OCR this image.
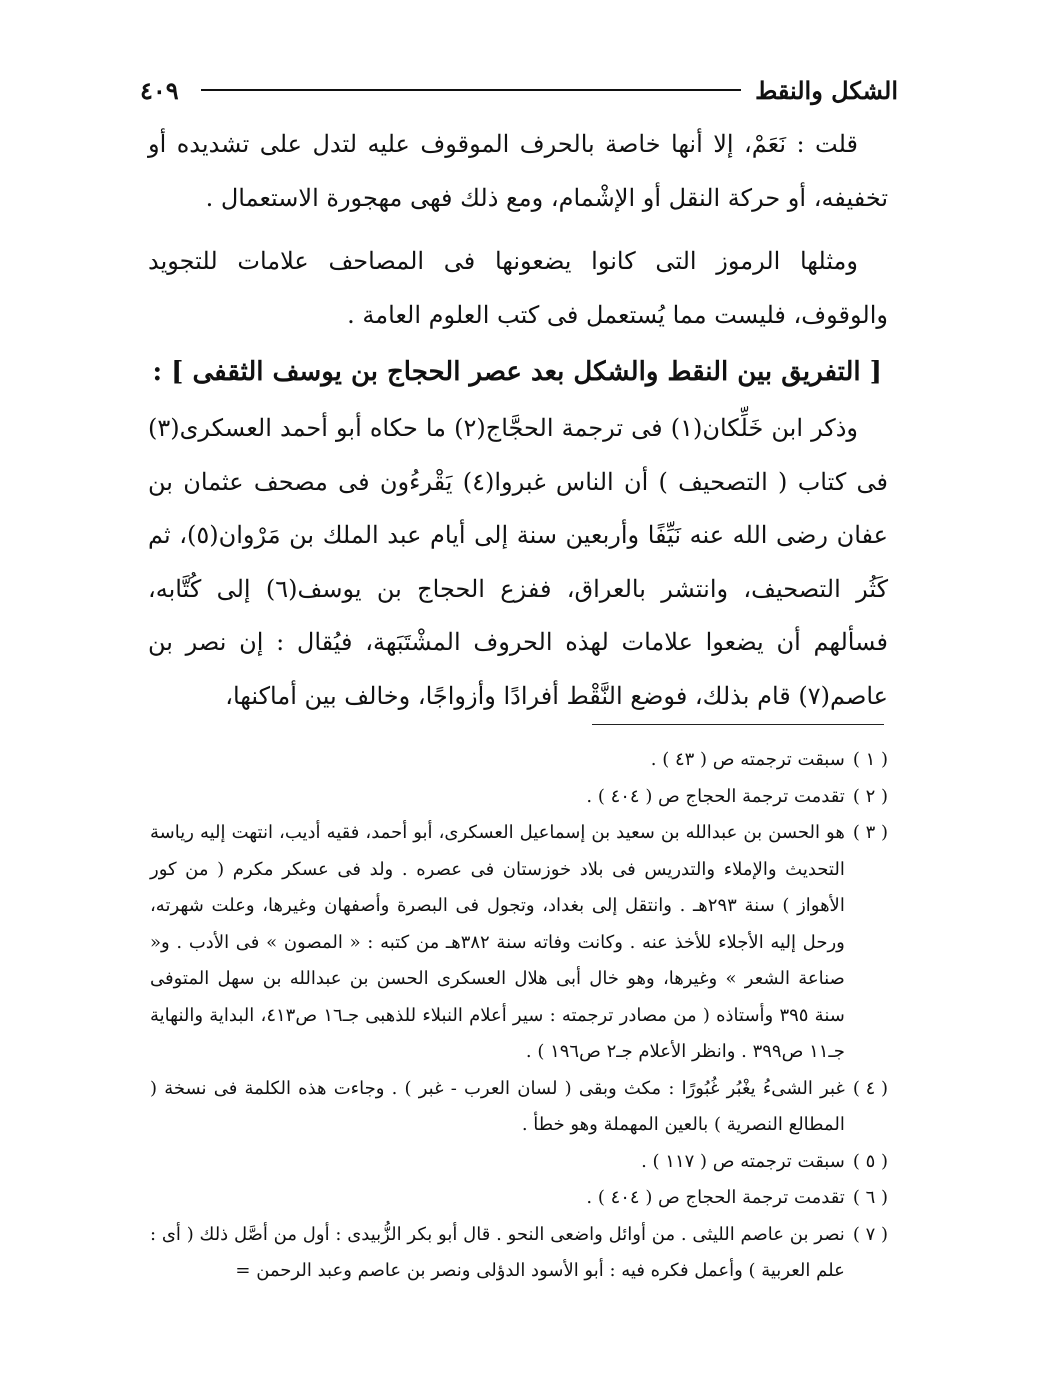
الشكل والنقط
٤٠٩

قلت : نَعَمْ، إلا أنها خاصة بالحرف الموقوف عليه لتدل على تشديده أو تخفيفه، أو حركة النقل أو الإشْمام، ومع ذلك فهى مهجورة الاستعمال .

ومثلها الرموز التى كانوا يضعونها فى المصاحف علامات للتجويد والوقوف، فليست مما يُستعمل فى كتب العلوم العامة .

[ التفريق بين النقط والشكل بعد عصر الحجاج بن يوسف الثقفى ] :

وذكر ابن خَلِّكان(١) فى ترجمة الحجَّاج(٢) ما حكاه أبو أحمد العسكرى(٣) فى كتاب ( التصحيف ) أن الناس غبروا(٤) يَقْرءُون فى مصحف عثمان بن عفان رضى الله عنه نَيِّفًا وأربعين سنة إلى أيام عبد الملك بن مَرْوان(٥)، ثم كَثُر التصحيف، وانتشر بالعراق، ففزع الحجاج بن يوسف(٦) إلى كُتَّابه، فسألهم أن يضعوا علامات لهذه الحروف المشْتَبَهة، فيُقال : إن نصر بن عاصم(٧) قام بذلك، فوضع النَّقْط أفرادًا وأزواجًا، وخالف بين أماكنها،

( ١ )
سبقت ترجمته ص ( ٤٣ ) .
( ٢ )
تقدمت ترجمة الحجاج ص ( ٤٠٤ ) .
( ٣ )
هو الحسن بن عبدالله بن سعيد بن إسماعيل العسكرى، أبو أحمد، فقيه أديب، انتهت إليه رياسة التحديث والإملاء والتدريس فى بلاد خوزستان فى عصره . ولد فى عسكر مكرم ( من كور الأهواز ) سنة ٢٩٣هـ . وانتقل إلى بغداد، وتجول فى البصرة وأصفهان وغيرها، وعلت شهرته، ورحل إليه الأجلاء للأخذ عنه . وكانت وفاته سنة ٣٨٢هـ من كتبه : « المصون » فى الأدب . و« صناعة الشعر » وغيرها، وهو خال أبى هلال العسكرى الحسن بن عبدالله بن سهل المتوفى سنة ٣٩٥ وأستاذه ( من مصادر ترجمته : سير أعلام النبلاء للذهبى جـ١٦ ص٤١٣، البداية والنهاية جـ١١ ص٣٩٩ . وانظر الأعلام جـ٢ ص١٩٦ ) .
( ٤ )
غبر الشىءُ يغْبُر غُبُورًا : مكث وبقى ( لسان العرب - غبر ) . وجاءت هذه الكلمة فى نسخة ( المطالع النصرية ) بالعين المهملة وهو خطأ .
( ٥ )
سبقت ترجمته ص ( ١١٧ ) .
( ٦ )
تقدمت ترجمة الحجاج ص ( ٤٠٤ ) .
( ٧ )
نصر بن عاصم الليثى . من أوائل واضعى النحو . قال أبو بكر الزُّبيدى : أول من أصَّل ذلك ( أى : علم العربية ) وأعمل فكره فيه : أبو الأسود الدؤلى ونصر بن عاصم وعبد الرحمن =
